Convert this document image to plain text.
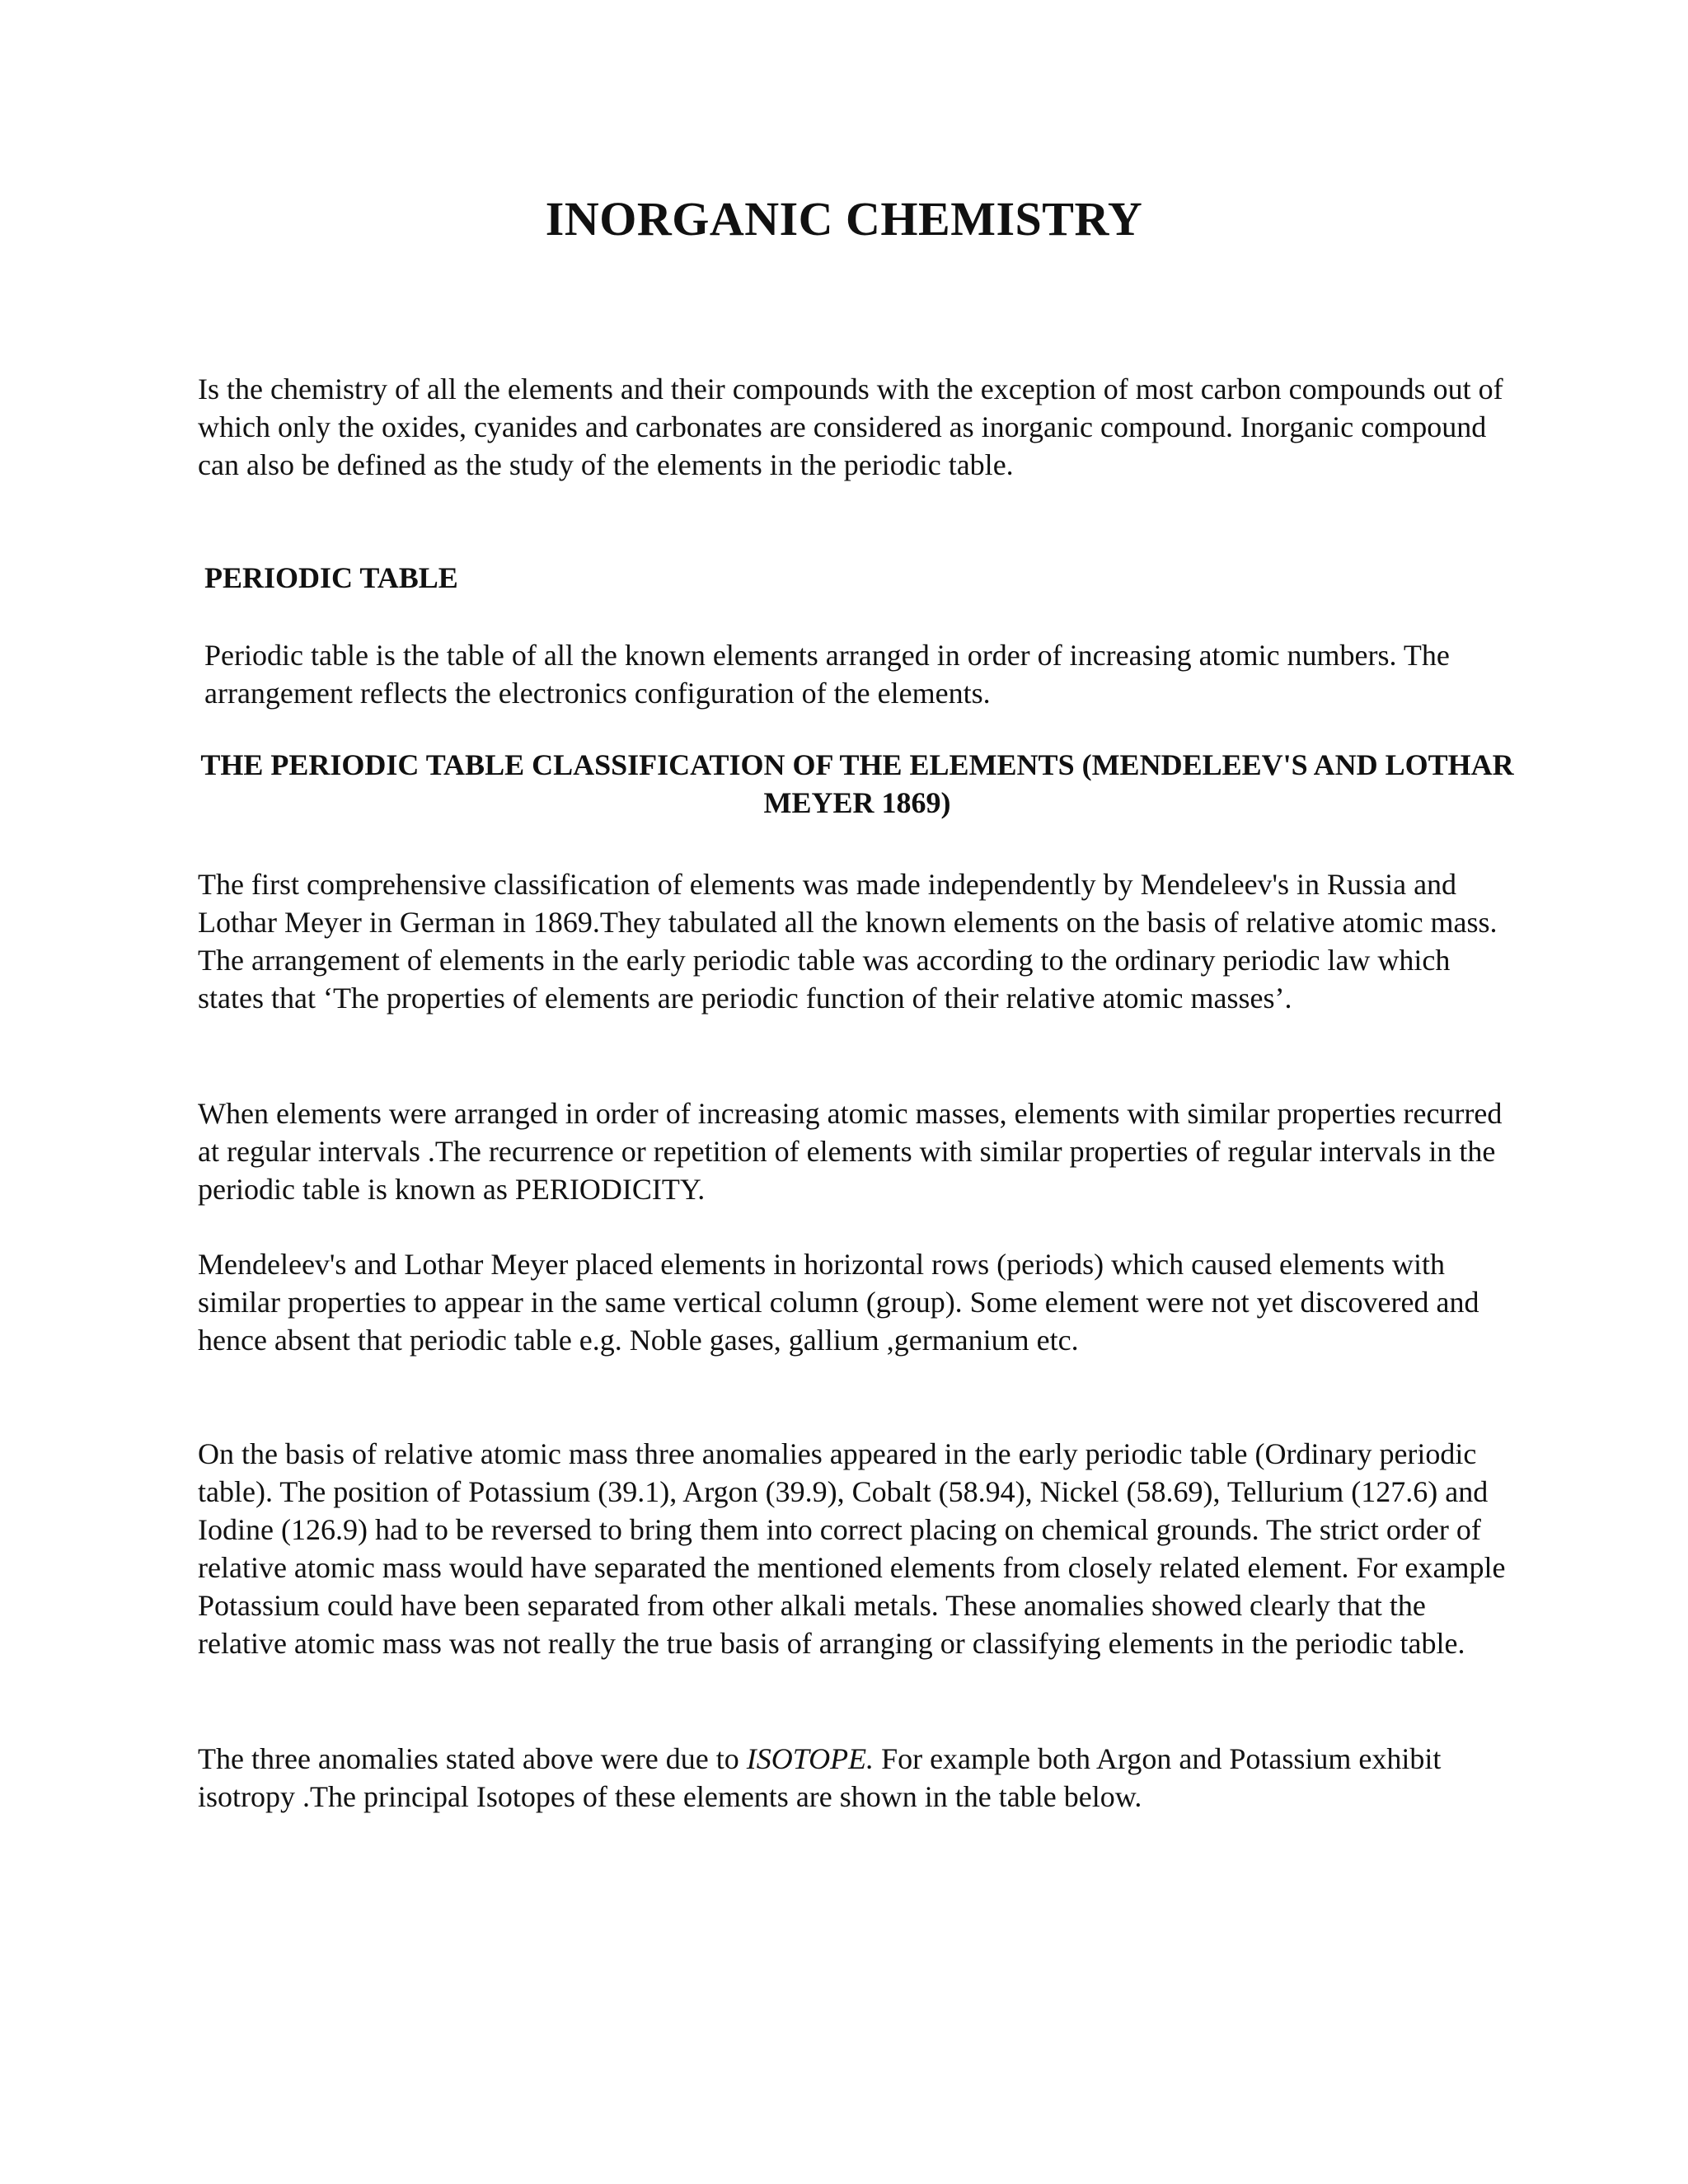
INORGANIC CHEMISTRY

Is the chemistry of all the elements and their compounds with the exception of most carbon compounds out of which only the oxides, cyanides and carbonates are considered as inorganic compound. Inorganic compound can also be defined as the study of the elements in the periodic table.

PERIODIC TABLE

Periodic table is the table of all the known elements arranged in order of increasing atomic numbers. The arrangement reflects the electronics configuration of the elements.

THE PERIODIC TABLE CLASSIFICATION OF THE ELEMENTS (MENDELEEV'S AND LOTHAR MEYER 1869)

The first comprehensive classification of elements was made independently by Mendeleev's in Russia and Lothar Meyer in German in 1869.They tabulated all the known elements on the basis of relative atomic mass. The arrangement of elements in the early periodic table was according to the ordinary periodic law which states that ‘The properties of elements are periodic function of their relative atomic masses’.

When elements were arranged in order of increasing atomic masses, elements with similar properties recurred at regular intervals .The recurrence or repetition of elements with similar properties of regular intervals in the periodic table is known as PERIODICITY.

Mendeleev's and Lothar Meyer placed elements in horizontal rows (periods) which caused elements with similar properties to appear in the same vertical column (group). Some element were not yet discovered and hence absent that periodic table e.g. Noble gases, gallium ,germanium etc.

On the basis of relative atomic mass three anomalies appeared in the early periodic table (Ordinary periodic table). The position of Potassium (39.1), Argon (39.9), Cobalt (58.94), Nickel (58.69), Tellurium (127.6) and Iodine (126.9) had to be reversed to bring them into correct placing on chemical grounds. The strict order of relative atomic mass would have separated the mentioned elements from closely related element. For example Potassium could have been separated from other alkali metals. These anomalies showed clearly that the relative atomic mass was not really the true basis of arranging or classifying elements in the periodic table.

The three anomalies stated above were due to ISOTOPE. For example both Argon and Potassium exhibit isotropy .The principal Isotopes of these elements are shown in the table below.
